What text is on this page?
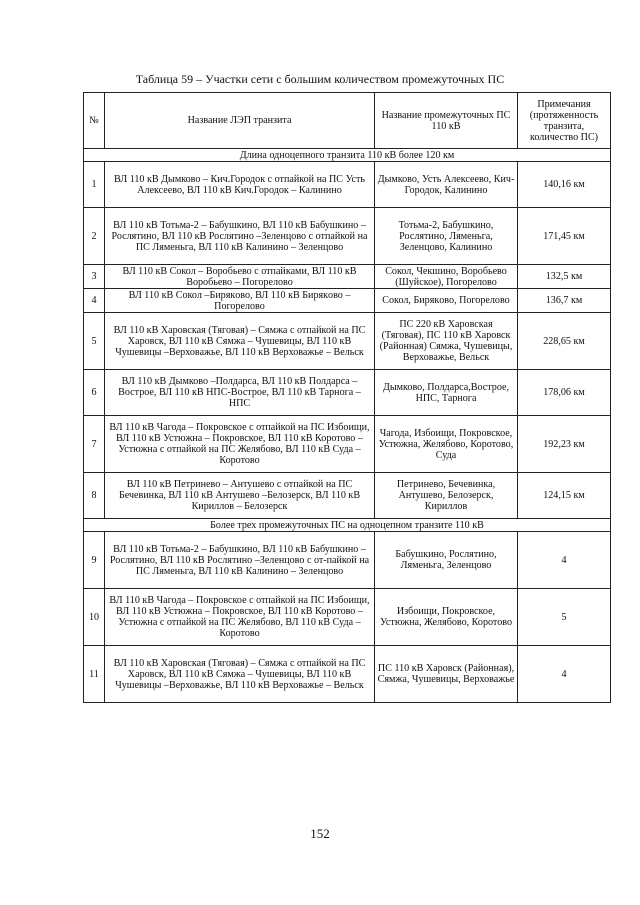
Таблица 59 – Участки сети с большим количеством промежуточных ПС
№	Название ЛЭП транзита	Название промежуточных ПС 110 кВ	Примечания (протяженность транзита, количество ПС)
Длина одноцепного транзита 110 кВ более 120 км			
1	ВЛ 110 кВ Дымково – Кич.Городок с отпайкой на ПС Усть Алексеево, ВЛ 110 кВ Кич.Городок – Калинино	Дымково, Усть Алексеево, Кич-Городок, Калинино	140,16 км
2	ВЛ 110 кВ Тотьма-2 – Бабушкино, ВЛ 110 кВ Бабушкино – Рослятино, ВЛ 110 кВ Рослятино –Зеленцово с отпайкой на ПС Ляменьга, ВЛ 110 кВ Калинино – Зеленцово	Тотьма-2, Бабушкино, Рослятино, Ляменьга, Зеленцово, Калинино	171,45 км
3	ВЛ 110 кВ Сокол – Воробьево с отпайками, ВЛ 110 кВ Воробьево – Погорелово	Сокол, Чекшино, Воробьево (Шуйское), Погорелово	132,5 км
4	ВЛ 110 кВ Сокол –Бирякoво, ВЛ 110 кВ Бирякoво – Погорелово	Сокол, Бирякoво, Погорелово	136,7 км
5	ВЛ 110 кВ Харовская (Тяговая) – Сямжа с отпайкой на ПС Харовск, ВЛ 110 кВ Сямжа – Чушевицы, ВЛ 110 кВ Чушевицы –Верховажье, ВЛ 110 кВ Верховажье – Вельск	ПС 220 кВ Харовская (Тяговая), ПС 110 кВ Харовск (Районная) Сямжа, Чушевицы, Верховажье, Вельск	228,65 км
6	ВЛ 110 кВ Дымково –Полдарса, ВЛ 110 кВ Полдарса – Вострое, ВЛ 110 кВ НПС-Вострое, ВЛ 110 кВ Тарнога – НПС	Дымково, Полдарса,Вострое, НПС, Тарнога	178,06 км
7	ВЛ 110 кВ Чагода – Покровское с отпайкой на ПС Избоищи, ВЛ 110 кВ Устюжна – Покровское, ВЛ 110 кВ Коротово – Устюжна с отпайкой на ПС Желябово, ВЛ 110 кВ Суда –Коротово	Чагода, Избоищи, Покровское, Устюжна, Желябово, Коротово, Суда	192,23 км
8	ВЛ 110 кВ Петринево – Антушево с отпайкой на ПС Бечевинка, ВЛ 110 кВ Антушево –Белозерск, ВЛ 110 кВ Кириллов – Белозерск	Петринево, Бечевинка, Антушево, Белозерск, Кириллов	124,15 км
Более трех промежуточных ПС на одноцепном транзите 110 кВ			
9	ВЛ 110 кВ Тотьма-2 – Бабушкино, ВЛ 110 кВ Бабушкино – Рослятино, ВЛ 110 кВ Рослятино –Зеленцово с от-пайкой на ПС Ляменьга, ВЛ 110 кВ Калинино – Зеленцово	Бабушкино, Рослятино, Ляменьга, Зеленцово	4
10	ВЛ 110 кВ Чагода – Покровское с отпайкой на ПС Избоищи, ВЛ 110 кВ Устюжна – Покровское, ВЛ 110 кВ Коротово – Устюжна с отпайкой на ПС Желябово, ВЛ 110 кВ Суда –Коротово	Избоищи, Покровское, Устюжна, Желябово, Коротово	5
11	ВЛ 110 кВ Харовская (Тяговая) – Сямжа с отпайкой на ПС Харовск, ВЛ 110 кВ Сямжа – Чушевицы, ВЛ 110 кВ Чушевицы –Верховажье, ВЛ 110 кВ Верховажье – Вельск	ПС 110 кВ Харовск (Районная), Сямжа, Чушевицы, Верховажье	4
152
